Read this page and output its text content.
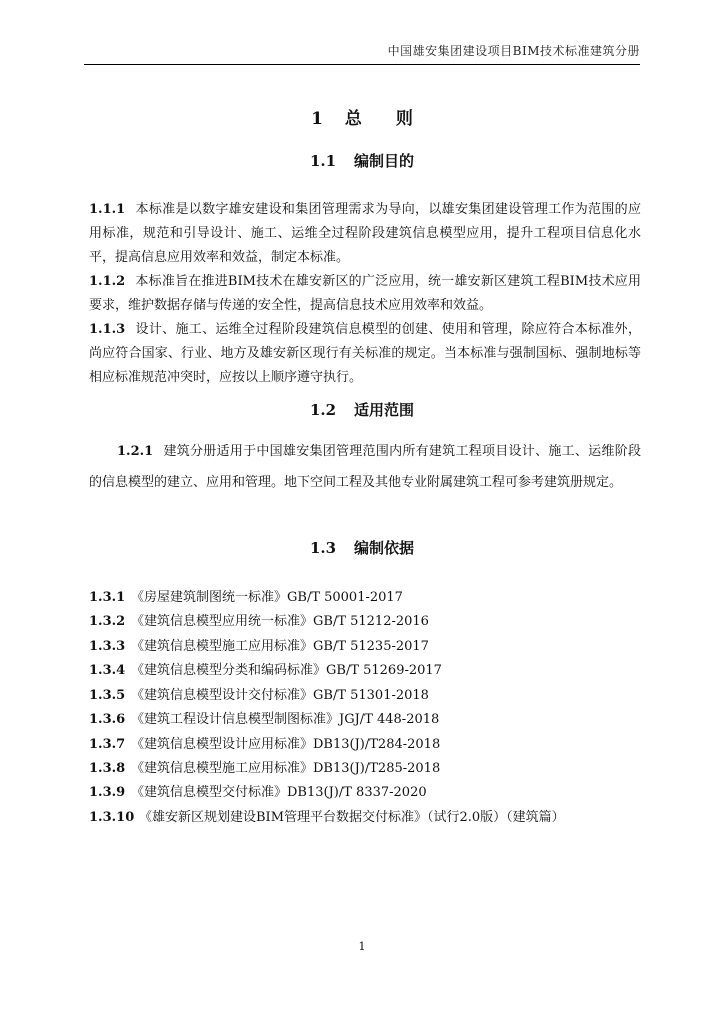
中国雄安集团建设项目BIM技术标准建筑分册
1 总 则
1.1 编制目的
1.1.1 本标准是以数字雄安建设和集团管理需求为导向，以雄安集团建设管理工作为范围的应用标准，规范和引导设计、施工、运维全过程阶段建筑信息模型应用，提升工程项目信息化水平，提高信息应用效率和效益，制定本标准。
1.1.2 本标准旨在推进BIM技术在雄安新区的广泛应用，统一雄安新区建筑工程BIM技术应用要求，维护数据存储与传递的安全性，提高信息技术应用效率和效益。
1.1.3 设计、施工、运维全过程阶段建筑信息模型的创建、使用和管理，除应符合本标准外，尚应符合国家、行业、地方及雄安新区现行有关标准的规定。当本标准与强制国标、强制地标等相应标准规范冲突时，应按以上顺序遵守执行。
1.2 适用范围
1.2.1 建筑分册适用于中国雄安集团管理范围内所有建筑工程项目设计、施工、运维阶段的信息模型的建立、应用和管理。地下空间工程及其他专业附属建筑工程可参考建筑册规定。
1.3 编制依据
1.3.1 《房屋建筑制图统一标准》GB/T 50001-2017
1.3.2 《建筑信息模型应用统一标准》GB/T 51212-2016
1.3.3 《建筑信息模型施工应用标准》GB/T 51235-2017
1.3.4 《建筑信息模型分类和编码标准》GB/T 51269-2017
1.3.5 《建筑信息模型设计交付标准》GB/T 51301-2018
1.3.6 《建筑工程设计信息模型制图标准》JGJ/T 448-2018
1.3.7 《建筑信息模型设计应用标准》DB13(J)/T284-2018
1.3.8 《建筑信息模型施工应用标准》DB13(J)/T285-2018
1.3.9 《建筑信息模型交付标准》DB13(J)/T 8337-2020
1.3.10 《雄安新区规划建设BIM管理平台数据交付标准》（试行2.0版）（建筑篇）
1
